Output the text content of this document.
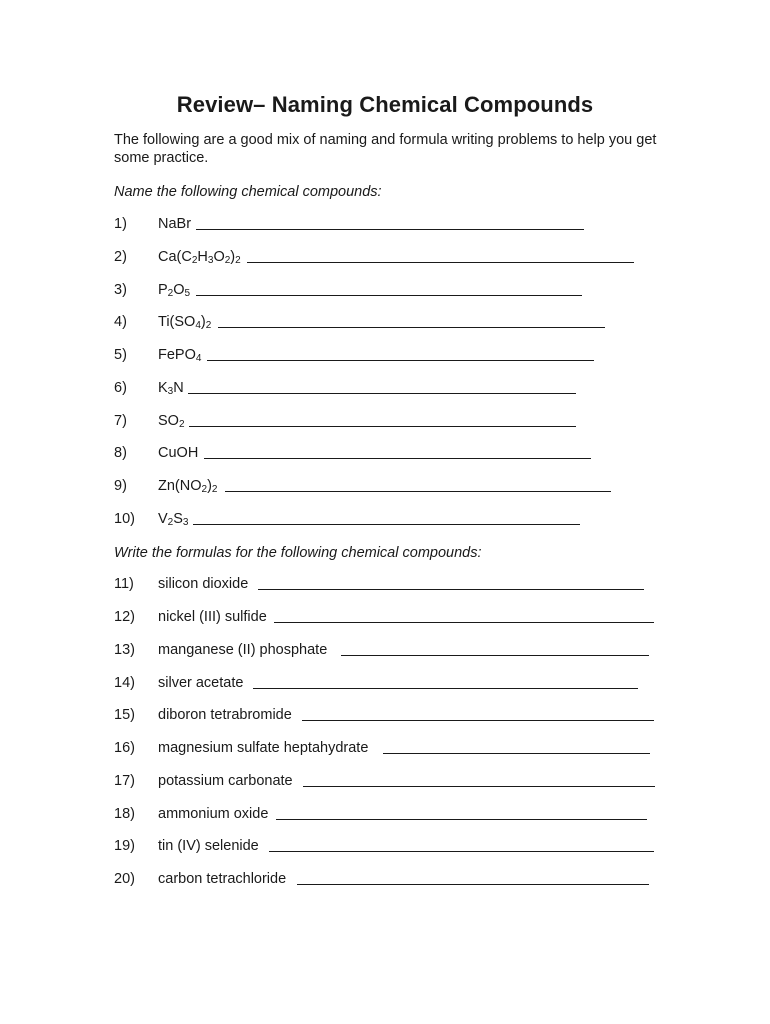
Review– Naming Chemical Compounds
The following are a good mix of naming and formula writing problems to help you get some practice.
Name the following chemical compounds:
1)	NaBr
2)	$Ca(C_2H_3O_2)_2$
3)	$P_2O_5$
4)	$Ti(SO_4)_2$
5)	FePO$_4$
6)	$K_3N$
7)	$SO_2$
8)	CuOH
9)	$Zn(NO_2)_2$
10)	$V_2S_3$
Write the formulas for the following chemical compounds:
11)	silicon dioxide
12)	nickel (III) sulfide
13)	manganese (II) phosphate
14)	silver acetate
15)	diboron tetrabromide
16)	magnesium sulfate heptahydrate
17)	potassium carbonate
18)	ammonium oxide
19)	tin (IV) selenide
20)	carbon tetrachloride
